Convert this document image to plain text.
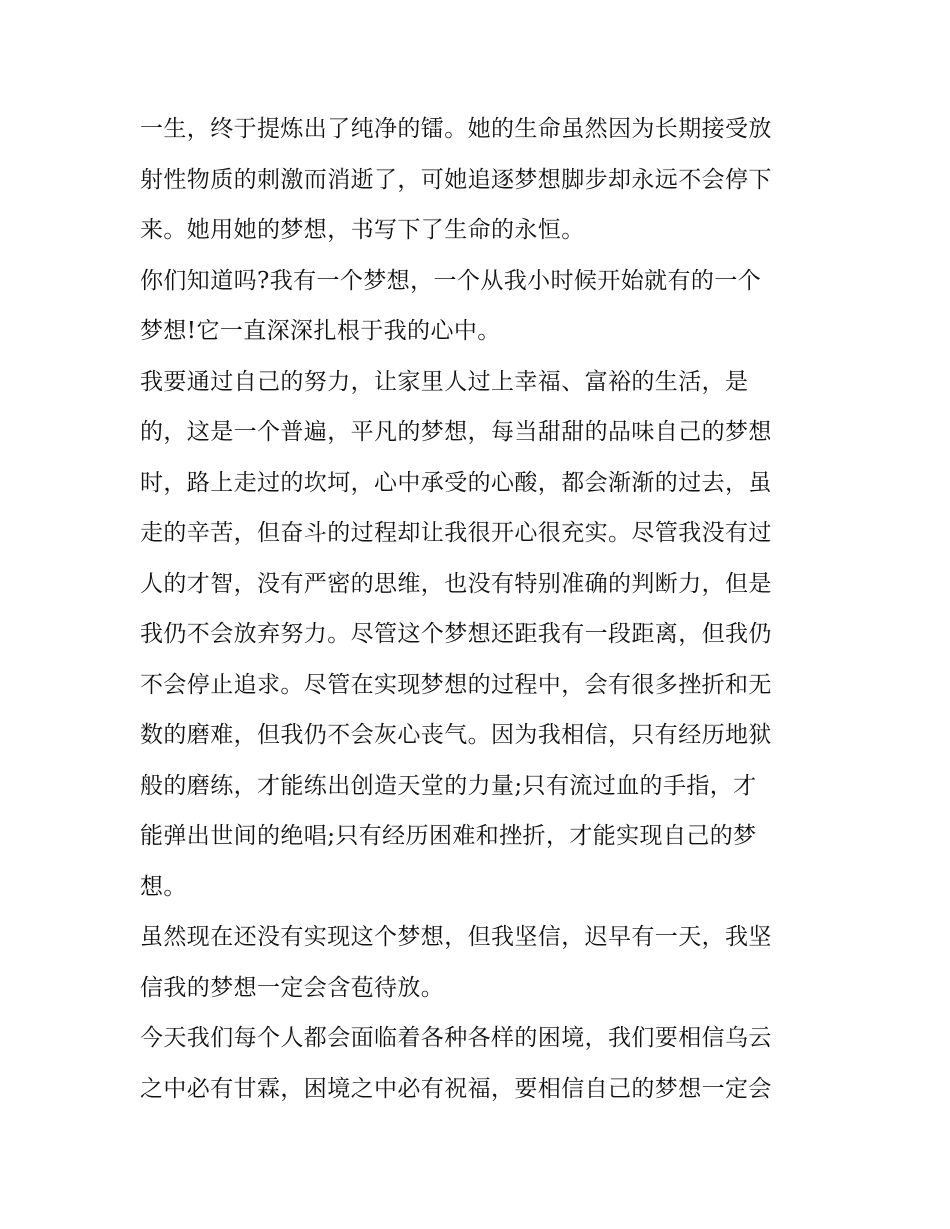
一生，终于提炼出了纯净的镭。她的生命虽然因为长期接受放
射性物质的刺激而消逝了，可她追逐梦想脚步却永远不会停下
来。她用她的梦想，书写下了生命的永恒。
你们知道吗?我有一个梦想，一个从我小时候开始就有的一个
梦想!它一直深深扎根于我的心中。
我要通过自己的努力，让家里人过上幸福、富裕的生活，是
的，这是一个普遍，平凡的梦想，每当甜甜的品味自己的梦想
时，路上走过的坎坷，心中承受的心酸，都会渐渐的过去，虽
走的辛苦，但奋斗的过程却让我很开心很充实。尽管我没有过
人的才智，没有严密的思维，也没有特别准确的判断力，但是
我仍不会放弃努力。尽管这个梦想还距我有一段距离，但我仍
不会停止追求。尽管在实现梦想的过程中，会有很多挫折和无
数的磨难，但我仍不会灰心丧气。因为我相信，只有经历地狱
般的磨练，才能练出创造天堂的力量;只有流过血的手指，才
能弹出世间的绝唱;只有经历困难和挫折，才能实现自己的梦
想。
虽然现在还没有实现这个梦想，但我坚信，迟早有一天，我坚
信我的梦想一定会含苞待放。
今天我们每个人都会面临着各种各样的困境，我们要相信乌云
之中必有甘霖，困境之中必有祝福，要相信自己的梦想一定会
